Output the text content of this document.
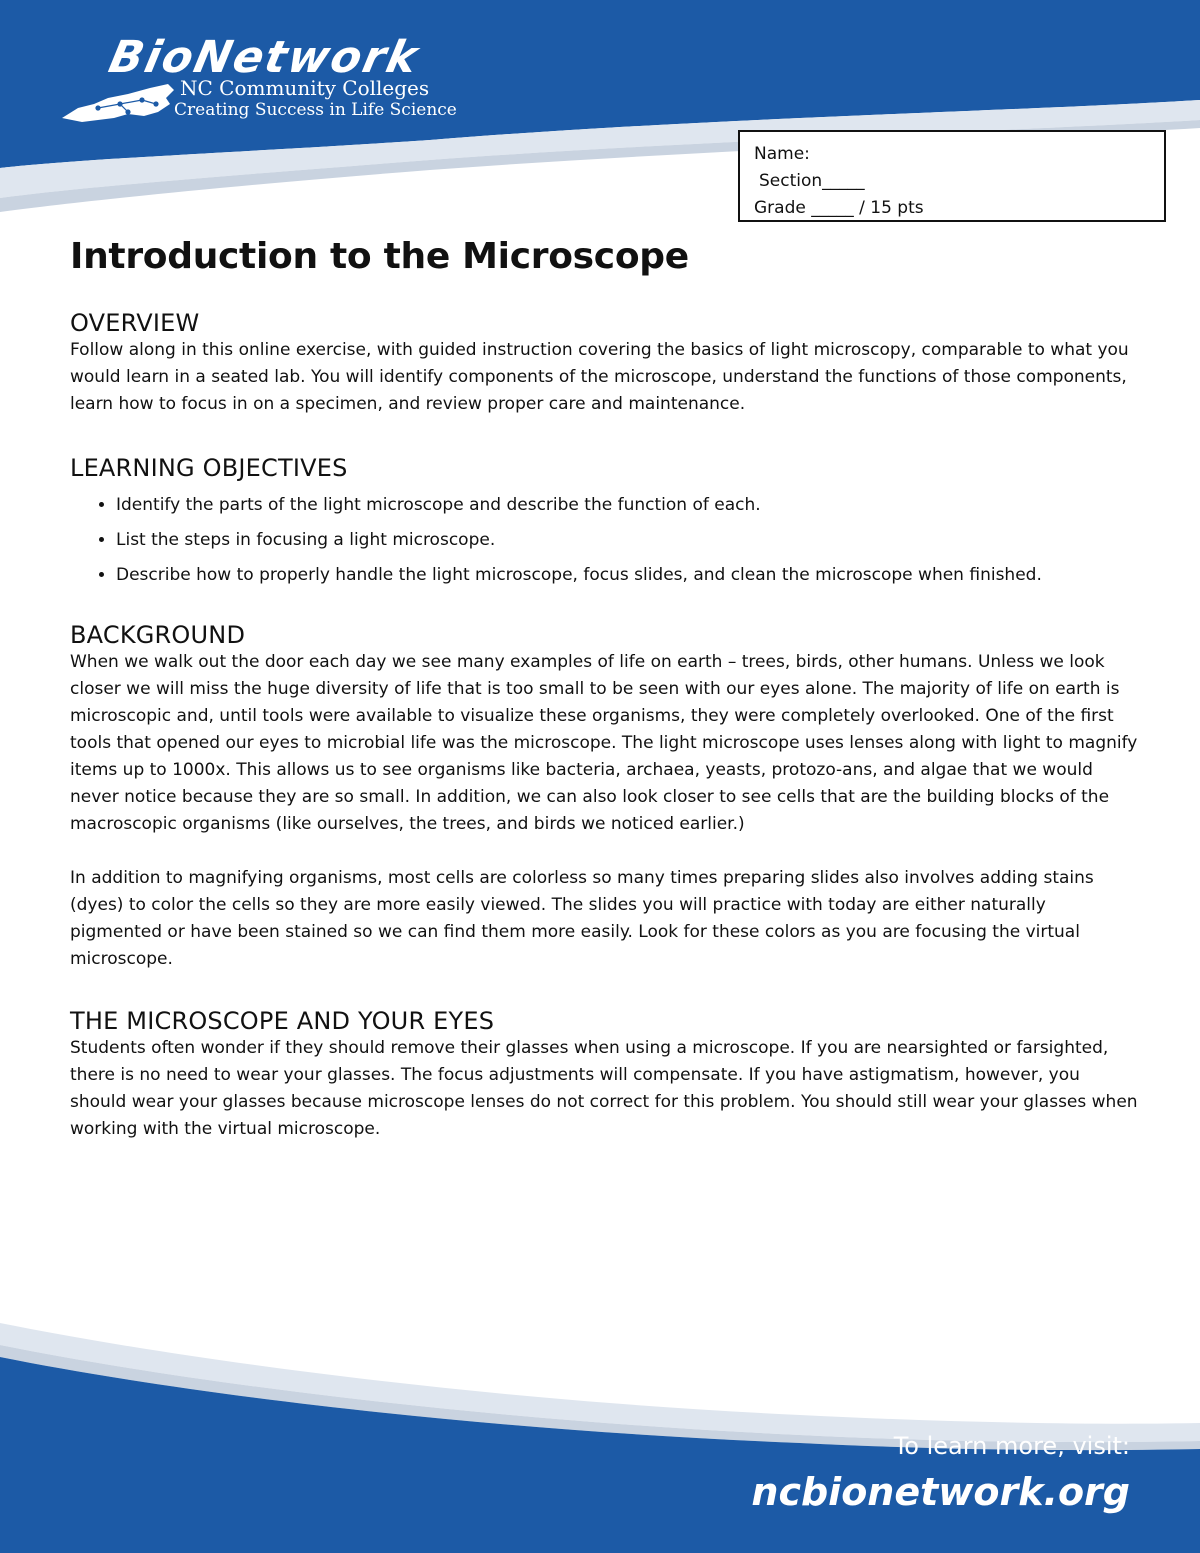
BioNetwork
NC Community Colleges
Creating Success in Life Science
Name:
Section_____
Grade _____ / 15 pts
Introduction to the Microscope
OVERVIEW

Follow along in this online exercise, with guided instruction covering the basics of light microscopy, comparable to what you would learn in a seated lab. You will identify components of the microscope, understand the functions of those components, learn how to focus in on a specimen, and review proper care and maintenance.

LEARNING OBJECTIVES
• Identify the parts of the light microscope and describe the function of each.
• List the steps in focusing a light microscope.
• Describe how to properly handle the light microscope, focus slides, and clean the microscope when finished.
BACKGROUND

When we walk out the door each day we see many examples of life on earth – trees, birds, other humans. Unless we look closer we will miss the huge diversity of life that is too small to be seen with our eyes alone. The majority of life on earth is microscopic and, until tools were available to visualize these organisms, they were completely overlooked. One of the first tools that opened our eyes to microbial life was the microscope. The light microscope uses lenses along with light to magnify items up to 1000x. This allows us to see organisms like bacteria, archaea, yeasts, protozo-ans, and algae that we would never notice because they are so small. In addition, we can also look closer to see cells that are the building blocks of the macroscopic organisms (like ourselves, the trees, and birds we noticed earlier.)

In addition to magnifying organisms, most cells are colorless so many times preparing slides also involves adding stains (dyes) to color the cells so they are more easily viewed. The slides you will practice with today are either naturally pigmented or have been stained so we can find them more easily. Look for these colors as you are focusing the virtual microscope.

THE MICROSCOPE AND YOUR EYES

Students often wonder if they should remove their glasses when using a microscope. If you are nearsighted or farsighted, there is no need to wear your glasses. The focus adjustments will compensate. If you have astigmatism, however, you should wear your glasses because microscope lenses do not correct for this problem. You should still wear your glasses when working with the virtual microscope.

To learn more, visit:
ncbionetwork.org
